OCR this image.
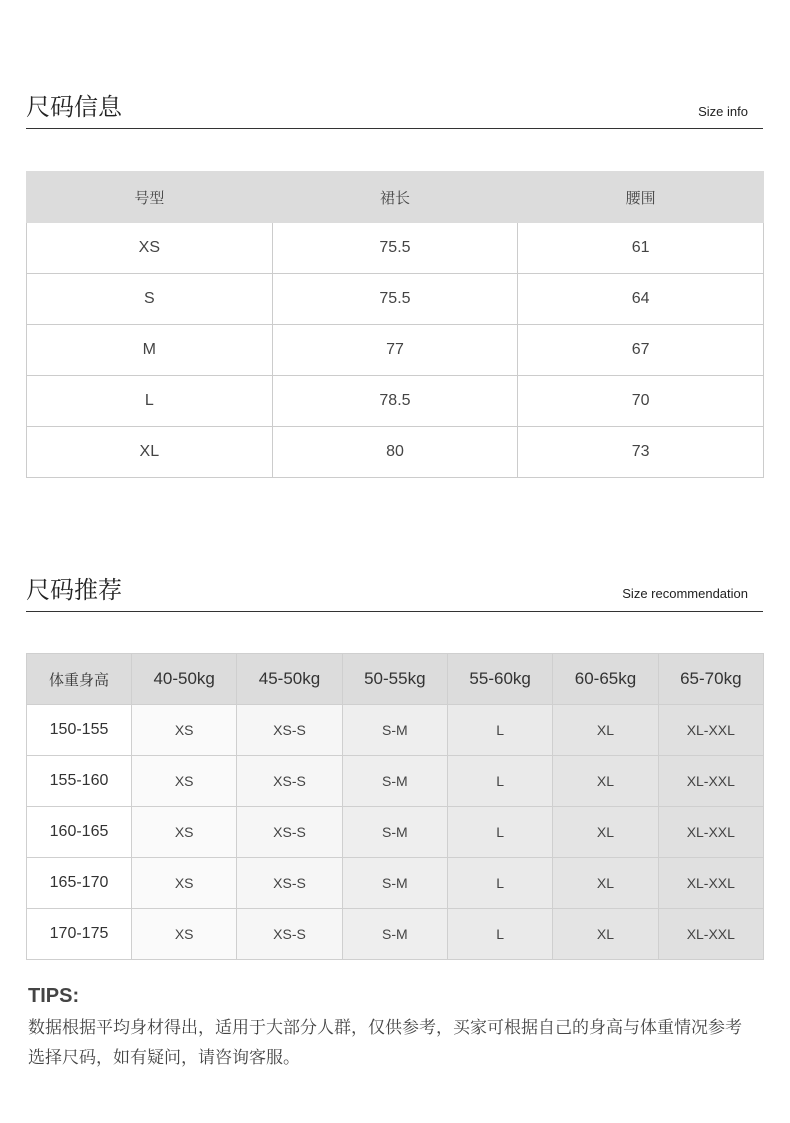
尺码信息	Size info
号型	裙长	腰围
XS	75.5	61
S	75.5	64
M	77	67
L	78.5	70
XL	80	73
尺码推荐	Size recommendation
体重身高	40-50kg	45-50kg	50-55kg	55-60kg	60-65kg	65-70kg
150-155	XS	XS-S	S-M	L	XL	XL-XXL
155-160	XS	XS-S	S-M	L	XL	XL-XXL
160-165	XS	XS-S	S-M	L	XL	XL-XXL
165-170	XS	XS-S	S-M	L	XL	XL-XXL
170-175	XS	XS-S	S-M	L	XL	XL-XXL
TIPS:
数据根据平均身材得出，适用于大部分人群，仅供参考，买家可根据自己的身高与体重情况参考选择尺码，如有疑问，请咨询客服。
